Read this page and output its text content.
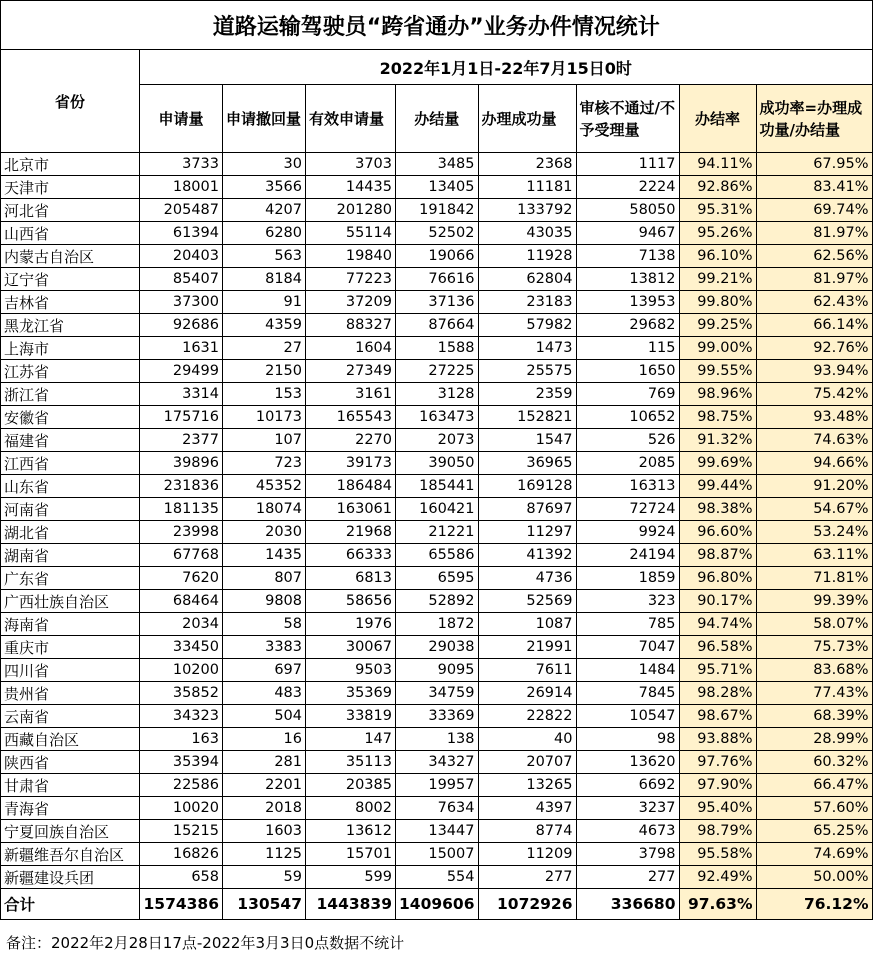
道路运输驾驶员“跨省通办”业务办件情况统计								
省份	2022年1月1日-22年7月15日0时							
	申请量	申请撤回量	有效申请量	办结量	办理成功量	审核不通过/不予受理量	办结率	成功率=办理成功量/办结量
北京市	3733	30	3703	3485	2368	1117	94.11%	67.95%
天津市	18001	3566	14435	13405	11181	2224	92.86%	83.41%
河北省	205487	4207	201280	191842	133792	58050	95.31%	69.74%
山西省	61394	6280	55114	52502	43035	9467	95.26%	81.97%
内蒙古自治区	20403	563	19840	19066	11928	7138	96.10%	62.56%
辽宁省	85407	8184	77223	76616	62804	13812	99.21%	81.97%
吉林省	37300	91	37209	37136	23183	13953	99.80%	62.43%
黑龙江省	92686	4359	88327	87664	57982	29682	99.25%	66.14%
上海市	1631	27	1604	1588	1473	115	99.00%	92.76%
江苏省	29499	2150	27349	27225	25575	1650	99.55%	93.94%
浙江省	3314	153	3161	3128	2359	769	98.96%	75.42%
安徽省	175716	10173	165543	163473	152821	10652	98.75%	93.48%
福建省	2377	107	2270	2073	1547	526	91.32%	74.63%
江西省	39896	723	39173	39050	36965	2085	99.69%	94.66%
山东省	231836	45352	186484	185441	169128	16313	99.44%	91.20%
河南省	181135	18074	163061	160421	87697	72724	98.38%	54.67%
湖北省	23998	2030	21968	21221	11297	9924	96.60%	53.24%
湖南省	67768	1435	66333	65586	41392	24194	98.87%	63.11%
广东省	7620	807	6813	6595	4736	1859	96.80%	71.81%
广西壮族自治区	68464	9808	58656	52892	52569	323	90.17%	99.39%
海南省	2034	58	1976	1872	1087	785	94.74%	58.07%
重庆市	33450	3383	30067	29038	21991	7047	96.58%	75.73%
四川省	10200	697	9503	9095	7611	1484	95.71%	83.68%
贵州省	35852	483	35369	34759	26914	7845	98.28%	77.43%
云南省	34323	504	33819	33369	22822	10547	98.67%	68.39%
西藏自治区	163	16	147	138	40	98	93.88%	28.99%
陕西省	35394	281	35113	34327	20707	13620	97.76%	60.32%
甘肃省	22586	2201	20385	19957	13265	6692	97.90%	66.47%
青海省	10020	2018	8002	7634	4397	3237	95.40%	57.60%
宁夏回族自治区	15215	1603	13612	13447	8774	4673	98.79%	65.25%
新疆维吾尔自治区	16826	1125	15701	15007	11209	3798	95.58%	74.69%
新疆建设兵团	658	59	599	554	277	277	92.49%	50.00%
合计	1574386	130547	1443839	1409606	1072926	336680	97.63%	76.12%
备注：2022年2月28日17点-2022年3月3日0点数据不统计
